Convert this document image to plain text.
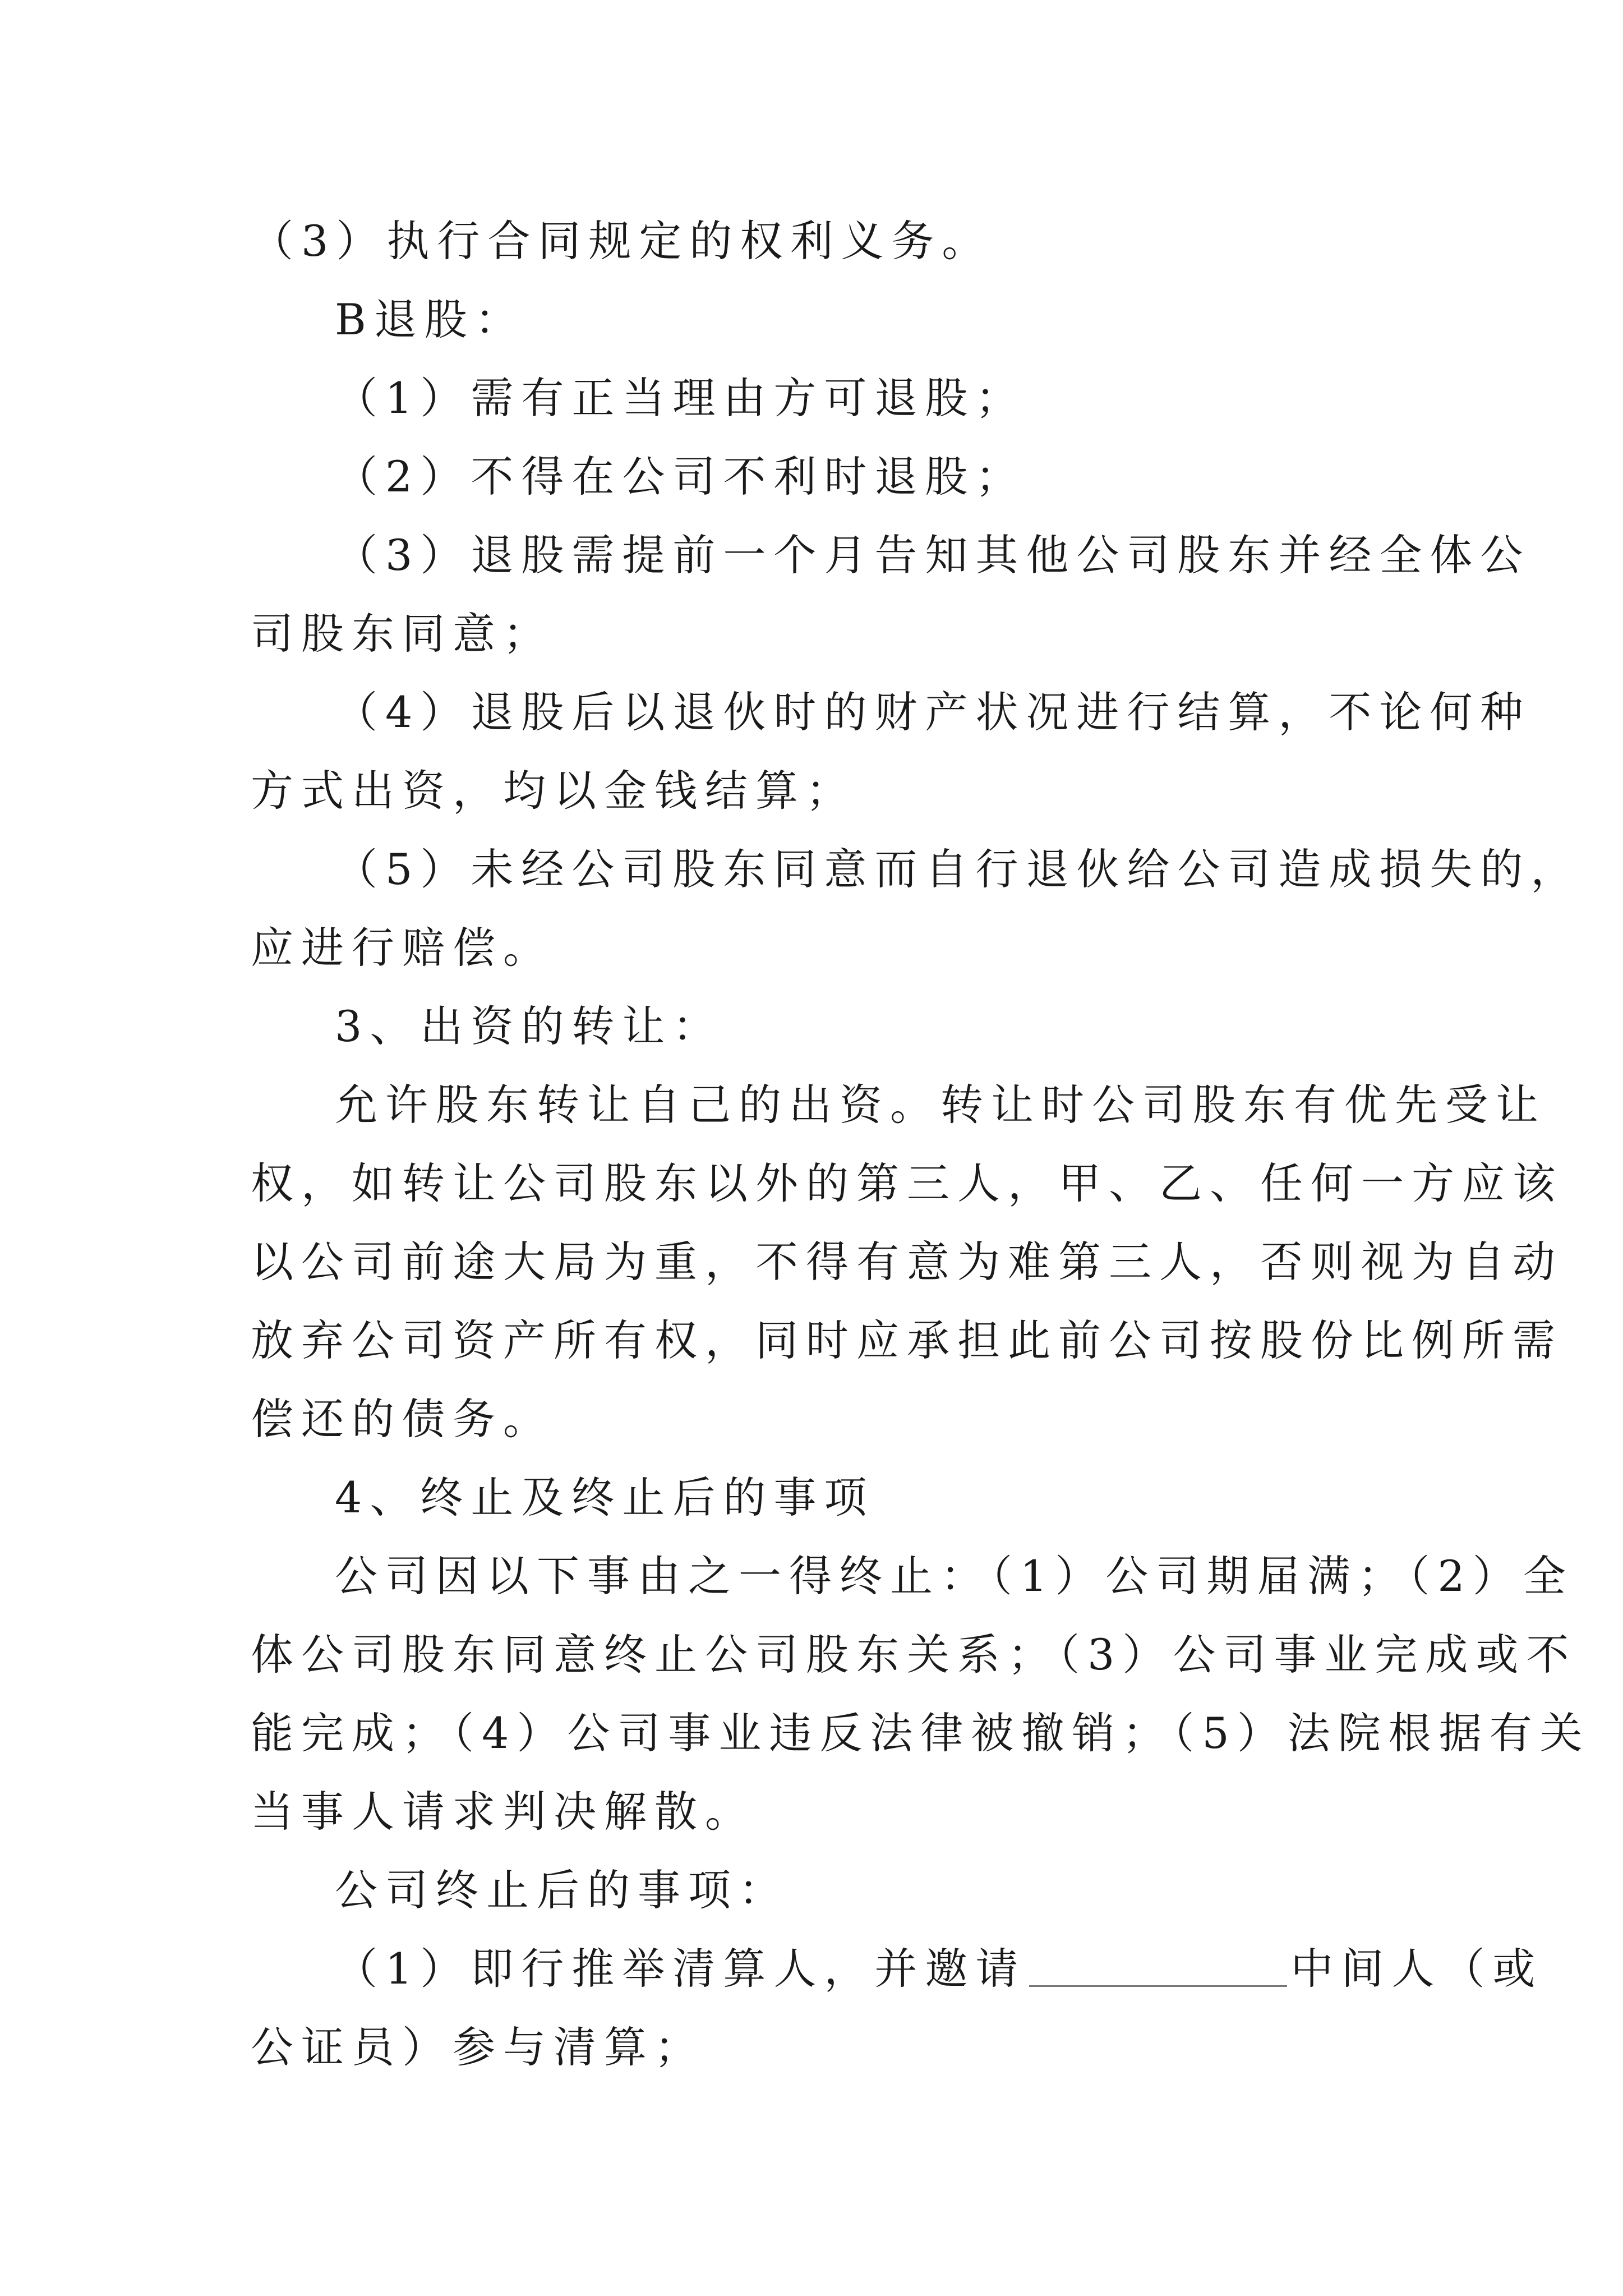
（3）执行合同规定的权利义务。
B退股：
（1）需有正当理由方可退股；
（2）不得在公司不利时退股；
（3）退股需提前一个月告知其他公司股东并经全体公
司股东同意；
（4）退股后以退伙时的财产状况进行结算，不论何种
方式出资，均以金钱结算；
（5）未经公司股东同意而自行退伙给公司造成损失的，
应进行赔偿。
3、出资的转让：
允许股东转让自己的出资。转让时公司股东有优先受让
权，如转让公司股东以外的第三人，甲、乙、任何一方应该
以公司前途大局为重，不得有意为难第三人，否则视为自动
放弃公司资产所有权，同时应承担此前公司按股份比例所需
偿还的债务。
4、终止及终止后的事项
公司因以下事由之一得终止：（1）公司期届满；（2）全
体公司股东同意终止公司股东关系；（3）公司事业完成或不
能完成；（4）公司事业违反法律被撤销；（5）法院根据有关
当事人请求判决解散。
公司终止后的事项：
（1）即行推举清算人，并邀请	中间人（或
公证员）参与清算；
